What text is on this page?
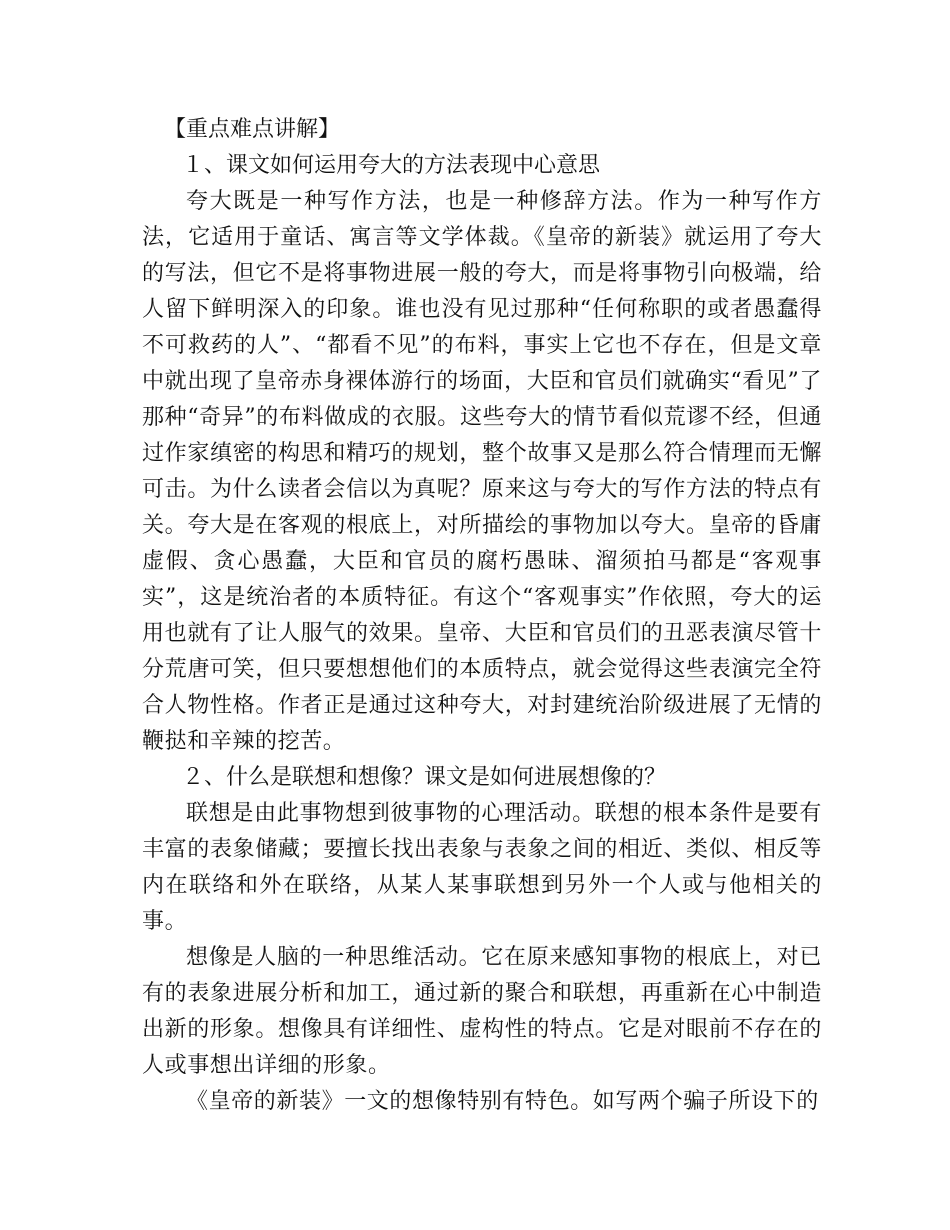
【重点难点讲解】

１、课文如何运用夸大的方法表现中心意思

夸大既是一种写作方法，也是一种修辞方法。作为一种写作方法，它适用于童话、寓言等文学体裁。《皇帝的新装》就运用了夸大的写法，但它不是将事物进展一般的夸大，而是将事物引向极端，给人留下鲜明深入的印象。谁也没有见过那种“任何称职的或者愚蠢得不可救药的人”、“都看不见”的布料，事实上它也不存在，但是文章中就出现了皇帝赤身裸体游行的场面，大臣和官员们就确实“看见”了那种“奇异”的布料做成的衣服。这些夸大的情节看似荒谬不经，但通过作家缜密的构思和精巧的规划，整个故事又是那么符合情理而无懈可击。为什么读者会信以为真呢？原来这与夸大的写作方法的特点有关。夸大是在客观的根底上，对所描绘的事物加以夸大。皇帝的昏庸虚假、贪心愚蠢，大臣和官员的腐朽愚昧、溜须拍马都是“客观事实”，这是统治者的本质特征。有这个“客观事实”作依照，夸大的运用也就有了让人服气的效果。皇帝、大臣和官员们的丑恶表演尽管十分荒唐可笑，但只要想想他们的本质特点，就会觉得这些表演完全符合人物性格。作者正是通过这种夸大，对封建统治阶级进展了无情的鞭挞和辛辣的挖苦。

２、什么是联想和想像？课文是如何进展想像的？

联想是由此事物想到彼事物的心理活动。联想的根本条件是要有丰富的表象储藏；要擅长找出表象与表象之间的相近、类似、相反等内在联络和外在联络，从某人某事联想到另外一个人或与他相关的事。

想像是人脑的一种思维活动。它在原来感知事物的根底上，对已有的表象进展分析和加工，通过新的聚合和联想，再重新在心中制造出新的形象。想像具有详细性、虚构性的特点。它是对眼前不存在的人或事想出详细的形象。

《皇帝的新装》一文的想像特别有特色。如写两个骗子所设下的
